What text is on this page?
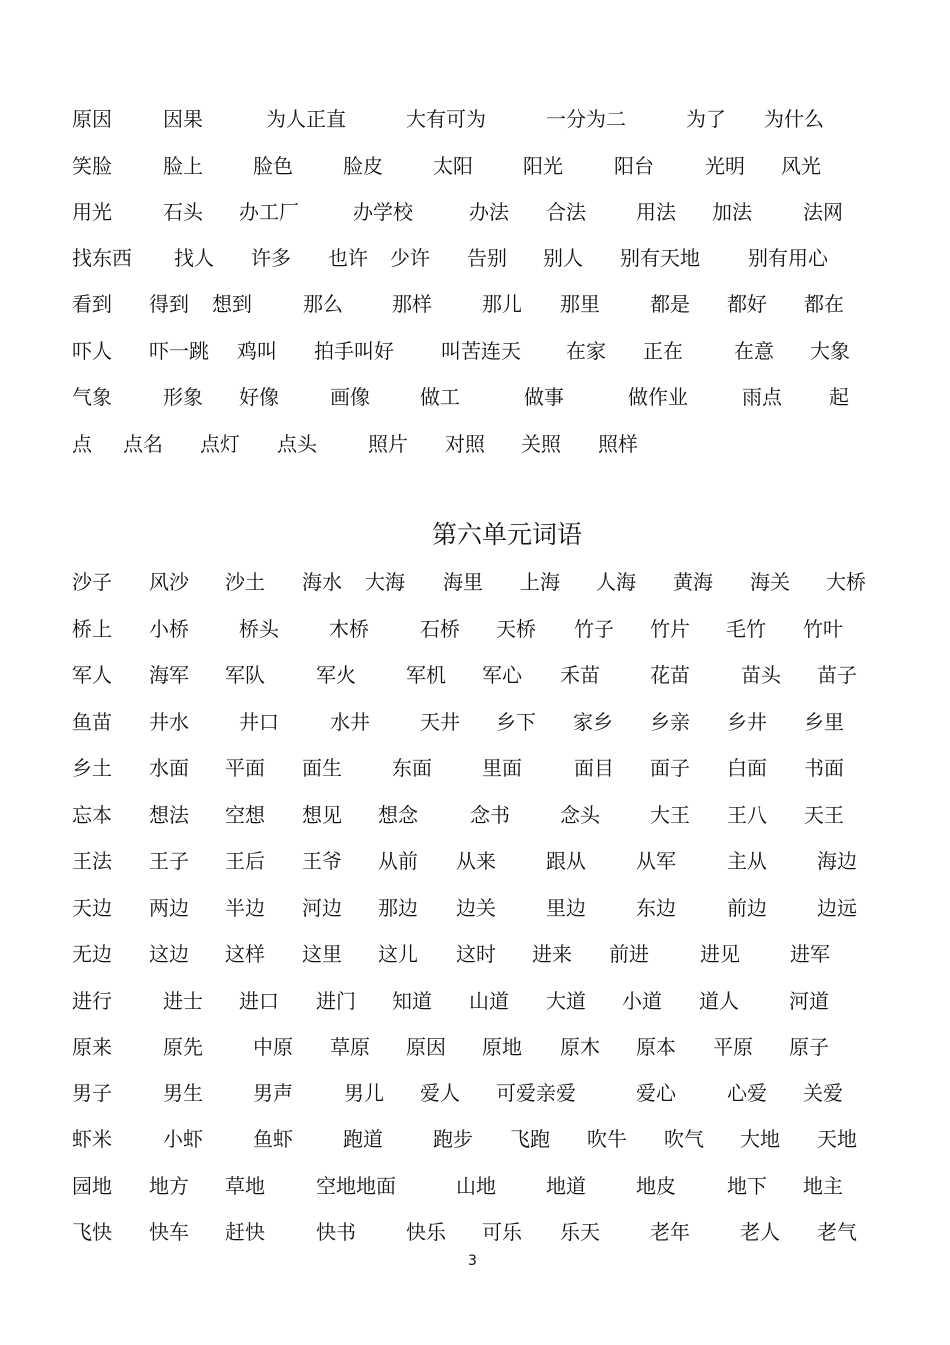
原因	因果	为人正直	大有可为	一分为二	为了 为什么
笑脸	脸上	脸色	脸皮	太阳	阳光	阳台	光明 风光
用光	石头 办工厂	办学校	办法 合法	用法 加法	法网
找东西 找人 许多 也许 少许 告别 别人 别有天地 别有用心
看到 得到 想到	那么 那样	那儿 那里	都是 都好 都在
吓人 吓一跳 鸡叫 拍手叫好 叫苦连天 在家 正在	在意 大象
气象	形象 好像	画像	做工	做事	做作业	雨点 起
点 点名 点灯 点头	照片 对照 关照 照样
第六单元词语
沙子 风沙 沙土 海水 大海 海里 上海 人海 黄海 海关 大桥
桥上 小桥	桥头	木桥	石桥 天桥 竹子 竹片 毛竹 竹叶
军人 海军 军队	军火	军机 军心 禾苗	花苗	苗头 苗子
鱼苗 井水	井口	水井	天井 乡下 家乡 乡亲 乡井 乡里
乡土 水面 平面 面生	东面	里面	面目 面子 白面 书面
忘本 想法 空想 想见 想念	念书	念头	大王 王八 天王
王法 王子 王后 王爷 从前 从来	跟从	从军	主从	海边
天边 两边 半边 河边 那边 边关	里边	东边	前边	边远
无边 这边 这样 这里 这儿 这时 进来 前进	进见	进军
进行	进士 进口 进门 知道 山道 大道 小道 道人	河道
原来	原先	中原 草原 原因 原地 原木 原本 平原 原子
男子	男生	男声	男儿 爱人 可爱亲爱	爱心	心爱 关爱
虾米	小虾	鱼虾	跑道	跑步 飞跑 吹牛 吹气 大地 天地
园地 地方 草地	空地地面	山地	地道	地皮	地下 地主
飞快 快车 赶快	快书	快乐 可乐 乐天	老年	老人 老气
3
